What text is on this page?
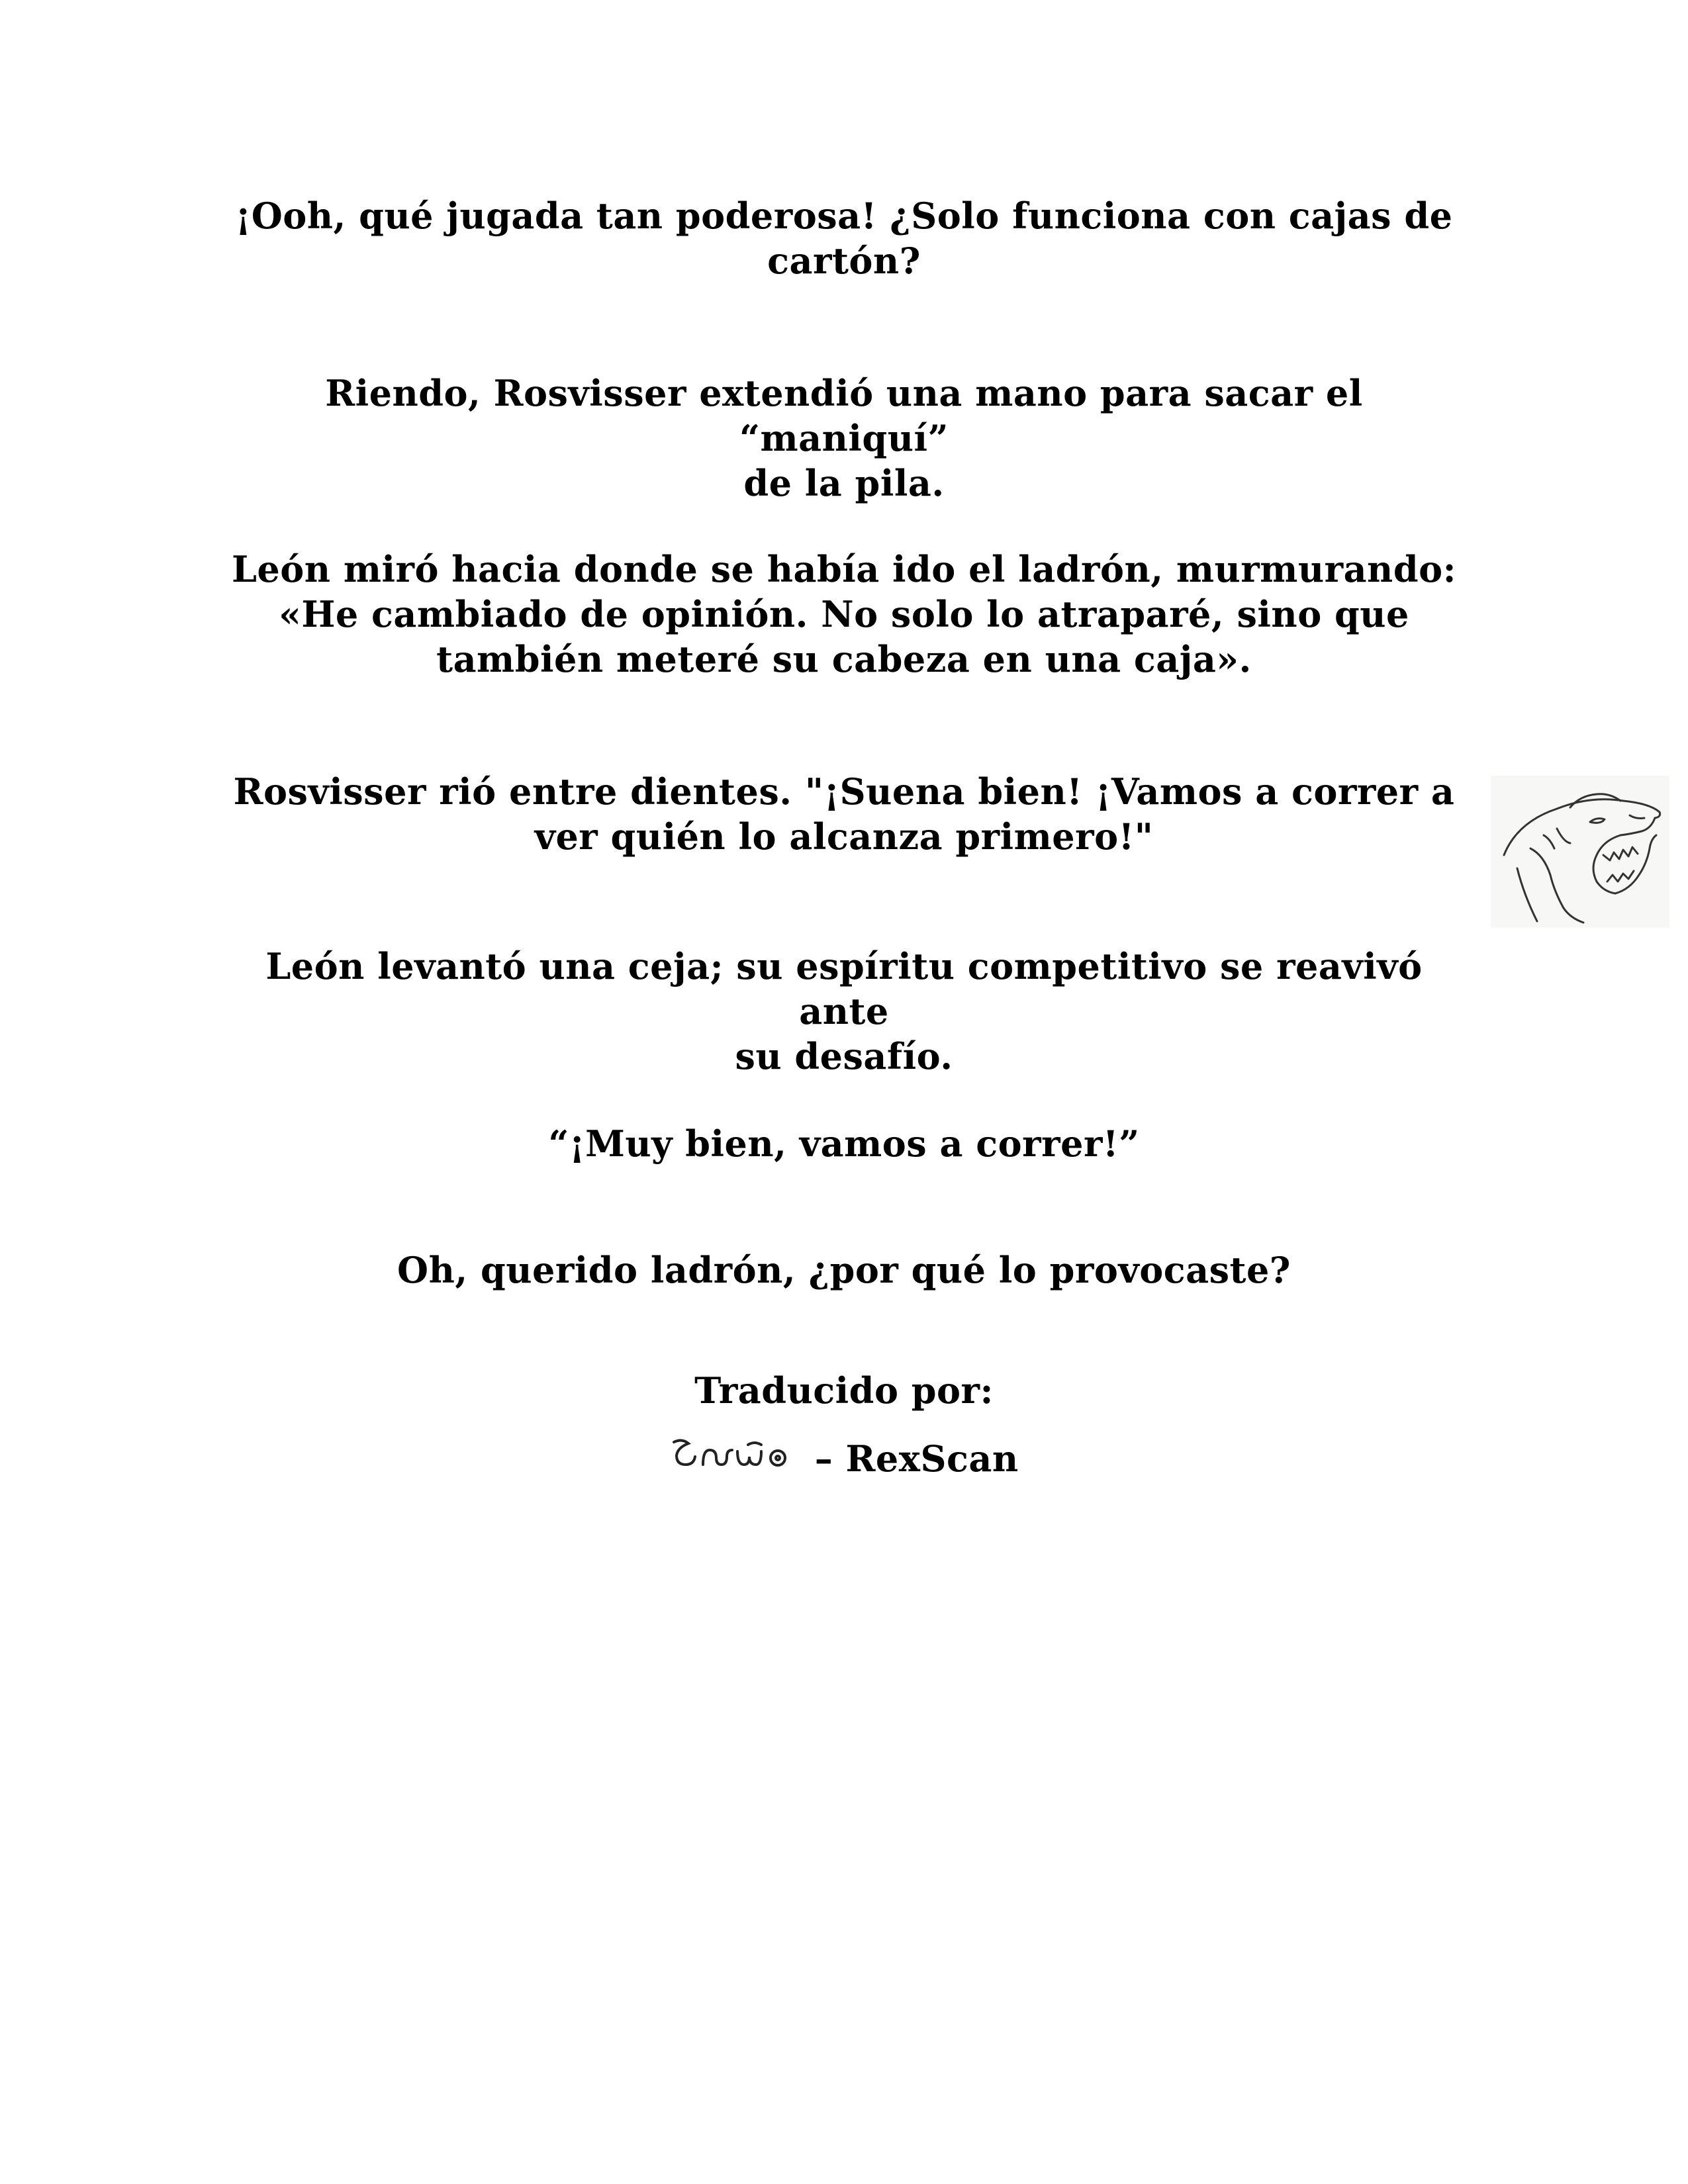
¡Ooh, qué jugada tan poderosa! ¿Solo funciona con cajas de
cartón?

Riendo, Rosvisser extendió una mano para sacar el “maniquí”
de la pila.

León miró hacia donde se había ido el ladrón, murmurando:
«He cambiado de opinión. No solo lo atraparé, sino que
también meteré su cabeza en una caja».

Rosvisser rió entre dientes. "¡Suena bien! ¡Vamos a correr a
ver quién lo alcanza primero!"

León levantó una ceja; su espíritu competitivo se reavivó ante
su desafío.

“¡Muy bien, vamos a correr!”

Oh, querido ladrón, ¿por qué lo provocaste?

Traducido por:

– RexScan
